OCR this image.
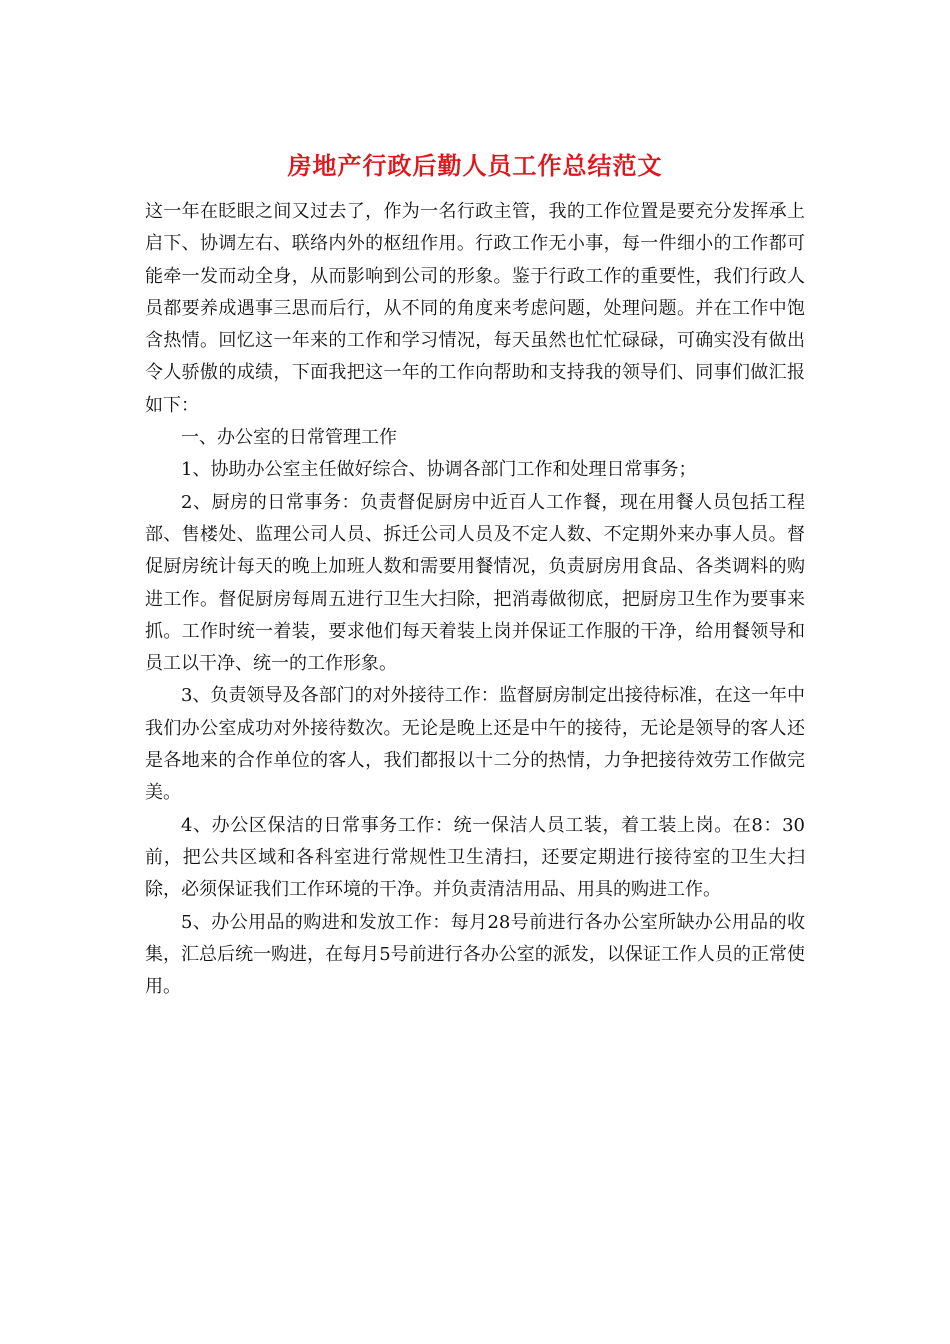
房地产行政后勤人员工作总结范文

这一年在眨眼之间又过去了，作为一名行政主管，我的工作位置是要充分发挥承上启下、协调左右、联络内外的枢纽作用。行政工作无小事，每一件细小的工作都可能牵一发而动全身，从而影响到公司的形象。鉴于行政工作的重要性，我们行政人员都要养成遇事三思而后行，从不同的角度来考虑问题，处理问题。并在工作中饱含热情。回忆这一年来的工作和学习情况，每天虽然也忙忙碌碌，可确实没有做出令人骄傲的成绩，下面我把这一年的工作向帮助和支持我的领导们、同事们做汇报如下：

一、办公室的日常管理工作

1、协助办公室主任做好综合、协调各部门工作和处理日常事务；

2、厨房的日常事务：负责督促厨房中近百人工作餐，现在用餐人员包括工程部、售楼处、监理公司人员、拆迁公司人员及不定人数、不定期外来办事人员。督促厨房统计每天的晚上加班人数和需要用餐情况，负责厨房用食品、各类调料的购进工作。督促厨房每周五进行卫生大扫除，把消毒做彻底，把厨房卫生作为要事来抓。工作时统一着装，要求他们每天着装上岗并保证工作服的干净，给用餐领导和员工以干净、统一的工作形象。

3、负责领导及各部门的对外接待工作：监督厨房制定出接待标准，在这一年中我们办公室成功对外接待数次。无论是晚上还是中午的接待，无论是领导的客人还是各地来的合作单位的客人，我们都报以十二分的热情，力争把接待效劳工作做完美。

4、办公区保洁的日常事务工作：统一保洁人员工装，着工装上岗。在8：30前，把公共区域和各科室进行常规性卫生清扫，还要定期进行接待室的卫生大扫除，必须保证我们工作环境的干净。并负责清洁用品、用具的购进工作。

5、办公用品的购进和发放工作：每月28号前进行各办公室所缺办公用品的收集，汇总后统一购进，在每月5号前进行各办公室的派发，以保证工作人员的正常使用。
